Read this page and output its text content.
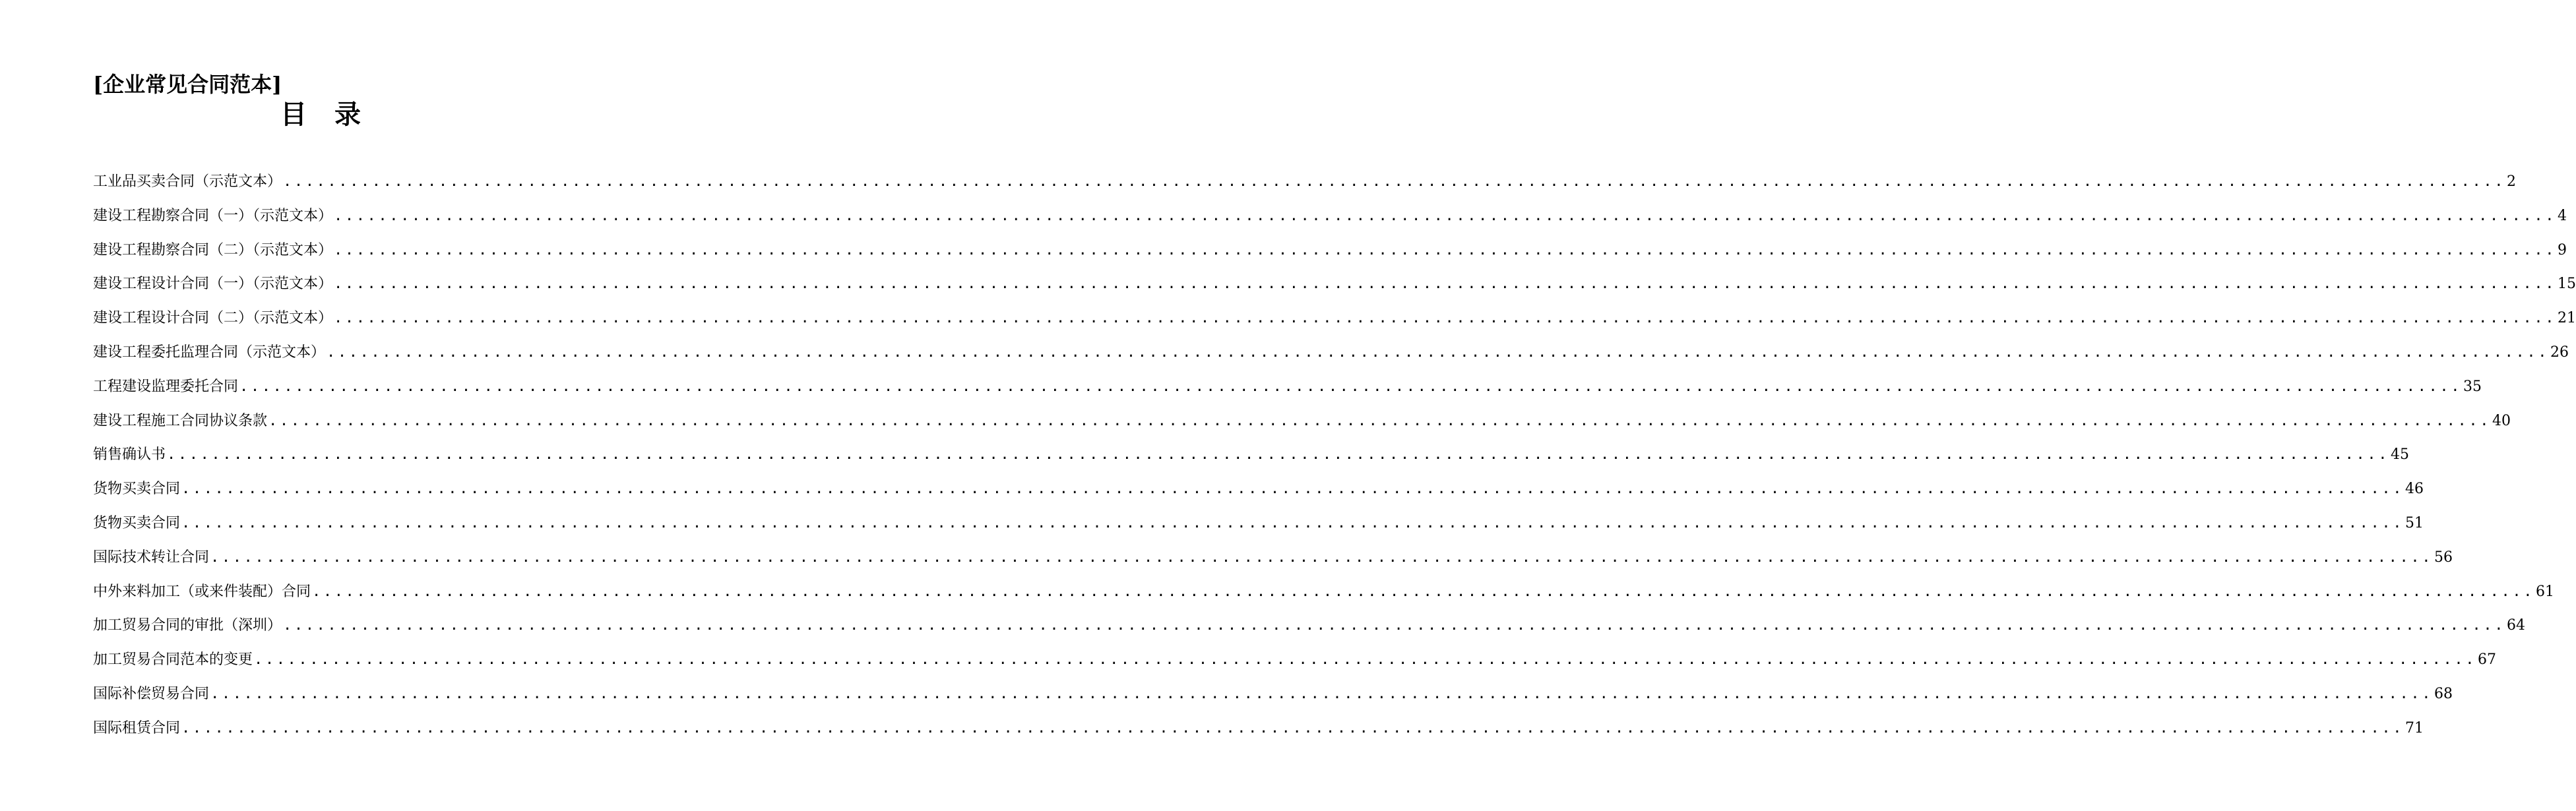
[企业常见合同范本]
目 录
工业品买卖合同（示范文本） ........................................................................................................................................................................................................ 2
建设工程勘察合同（一）（示范文本） ........................................................................................................................................................................................................ 4
建设工程勘察合同（二）（示范文本） ........................................................................................................................................................................................................ 9
建设工程设计合同（一）（示范文本） ........................................................................................................................................................................................................ 15
建设工程设计合同（二）（示范文本） ........................................................................................................................................................................................................ 21
建设工程委托监理合同（示范文本） ........................................................................................................................................................................................................ 26
工程建设监理委托合同 ........................................................................................................................................................................................................ 35
建设工程施工合同协议条款 ........................................................................................................................................................................................................ 40
销售确认书 ........................................................................................................................................................................................................ 45
货物买卖合同 ........................................................................................................................................................................................................ 46
货物买卖合同 ........................................................................................................................................................................................................ 51
国际技术转让合同 ........................................................................................................................................................................................................ 56
中外来料加工（或来件装配）合同 ........................................................................................................................................................................................................ 61
加工贸易合同的审批（深圳） ........................................................................................................................................................................................................ 64
加工贸易合同范本的变更 ........................................................................................................................................................................................................ 67
国际补偿贸易合同 ........................................................................................................................................................................................................ 68
国际租赁合同 ........................................................................................................................................................................................................ 71
